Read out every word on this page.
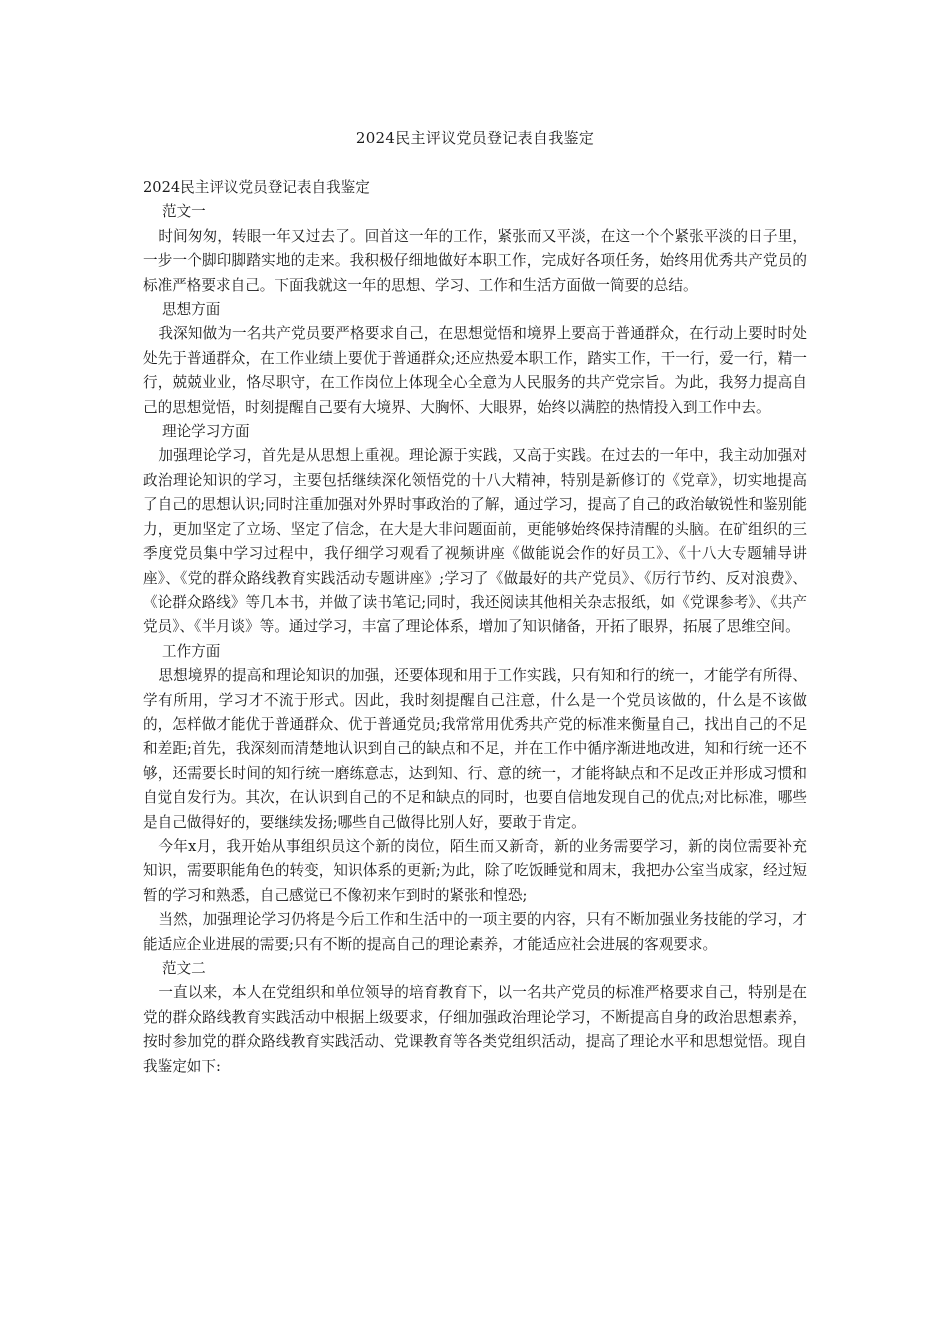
2024民主评议党员登记表自我鉴定

2024民主评议党员登记表自我鉴定

范文一

时间匆匆，转眼一年又过去了。回首这一年的工作，紧张而又平淡，在这一个个紧张平淡的日子里，一步一个脚印脚踏实地的走来。我积极仔细地做好本职工作，完成好各项任务，始终用优秀共产党员的标准严格要求自己。下面我就这一年的思想、学习、工作和生活方面做一简要的总结。

思想方面

我深知做为一名共产党员要严格要求自己，在思想觉悟和境界上要高于普通群众，在行动上要时时处处先于普通群众，在工作业绩上要优于普通群众;还应热爱本职工作，踏实工作，干一行，爱一行，精一行，兢兢业业，恪尽职守，在工作岗位上体现全心全意为人民服务的共产党宗旨。为此，我努力提高自己的思想觉悟，时刻提醒自己要有大境界、大胸怀、大眼界，始终以满腔的热情投入到工作中去。

理论学习方面

加强理论学习，首先是从思想上重视。理论源于实践，又高于实践。在过去的一年中，我主动加强对政治理论知识的学习，主要包括继续深化领悟党的十八大精神，特别是新修订的《党章》，切实地提高了自己的思想认识;同时注重加强对外界时事政治的了解，通过学习，提高了自己的政治敏锐性和鉴别能力，更加坚定了立场、坚定了信念，在大是大非问题面前，更能够始终保持清醒的头脑。在矿组织的三季度党员集中学习过程中，我仔细学习观看了视频讲座《做能说会作的好员工》、《十八大专题辅导讲座》、《党的群众路线教育实践活动专题讲座》;学习了《做最好的共产党员》、《厉行节约、反对浪费》、《论群众路线》等几本书，并做了读书笔记;同时，我还阅读其他相关杂志报纸，如《党课参考》、《共产党员》、《半月谈》等。通过学习，丰富了理论体系，增加了知识储备，开拓了眼界，拓展了思维空间。

工作方面

思想境界的提高和理论知识的加强，还要体现和用于工作实践，只有知和行的统一，才能学有所得、学有所用，学习才不流于形式。因此，我时刻提醒自己注意，什么是一个党员该做的，什么是不该做的，怎样做才能优于普通群众、优于普通党员;我常常用优秀共产党的标准来衡量自己，找出自己的不足和差距;首先，我深刻而清楚地认识到自己的缺点和不足，并在工作中循序渐进地改进，知和行统一还不够，还需要长时间的知行统一磨练意志，达到知、行、意的统一，才能将缺点和不足改正并形成习惯和自觉自发行为。其次，在认识到自己的不足和缺点的同时，也要自信地发现自己的优点;对比标准，哪些是自己做得好的，要继续发扬;哪些自己做得比别人好，要敢于肯定。

今年x月，我开始从事组织员这个新的岗位，陌生而又新奇，新的业务需要学习，新的岗位需要补充知识，需要职能角色的转变，知识体系的更新;为此，除了吃饭睡觉和周末，我把办公室当成家，经过短暂的学习和熟悉，自己感觉已不像初来乍到时的紧张和惶恐;

当然，加强理论学习仍将是今后工作和生活中的一项主要的内容，只有不断加强业务技能的学习，才能适应企业进展的需要;只有不断的提高自己的理论素养，才能适应社会进展的客观要求。

范文二

一直以来，本人在党组织和单位领导的培育教育下，以一名共产党员的标准严格要求自己，特别是在党的群众路线教育实践活动中根据上级要求，仔细加强政治理论学习，不断提高自身的政治思想素养，按时参加党的群众路线教育实践活动、党课教育等各类党组织活动，提高了理论水平和思想觉悟。现自我鉴定如下:
